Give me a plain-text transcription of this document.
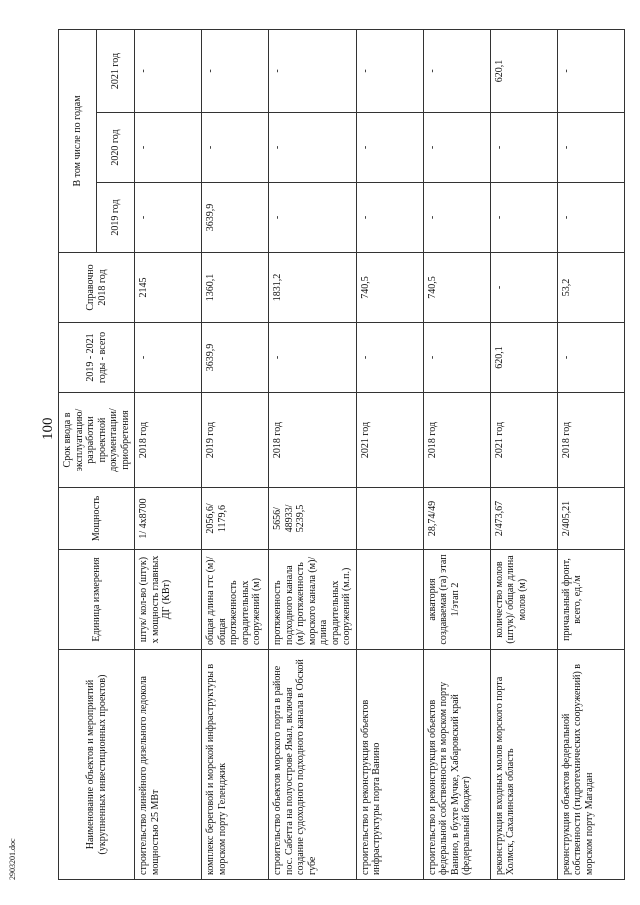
100
2903201.doc
Наименование объектов и мероприятий (укрупненных инвестиционных проектов)	Единица измерения	Мощность	Срок ввода в эксплуатацию/ разработки проектной документации/ приобретения	2019 - 2021 годы - всего	Справочно 2018 год	В том числе по годам		
						2019 год	2020 год	2021 год
строительство линейного дизельного ледокола мощностью 25 МВт	штук/ кол-во (штук) х мощность главных ДГ (КВт)	1/ 4х8700	2018 год	-	2145	-	-	-
комплекс береговой и морской инфраструктуры в морском порту Геленджик	общая длина гтс (м)/ общая протяженность оградительных сооружений (м)	2056,6/ 1179,6	2019 год	3639,9	1360,1	3639,9	-	-
строительство объектов морского порта в районе пос. Сабетта на полуострове Ямал, включая создание судоходного подходного канала в Обской губе	протяженность подходного канала (м)/ протяженность морского канала (м)/ длина оградительных сооружений (м.п.)	5656/ 48933/ 5239,5	2018 год	-	1831,2	-	-	-
строительство и реконструкция объектов инфраструктуры порта Ванино			2021 год	-	740,5	-	-	-
строительство и реконструкция объектов федеральной собственности в морском порту Ванино, в бухте Мучке, Хабаровский край (федеральный бюджет)	акватория создаваемая (га) этап 1/этап 2	28,74/49	2018 год	-	740,5	-	-	-
реконструкция входных молов морского порта Холмск, Сахалинская область	количество молов (штук)/ общая длина молов (м)	2/473,67	2021 год	620,1	-	-	-	620,1
реконструкция объектов федеральной собственности (гидротехнических сооружений) в морском порту Магадан	причальный фронт, всего, ед./м	2/405,21	2018 год	-	53,2	-	-	-
